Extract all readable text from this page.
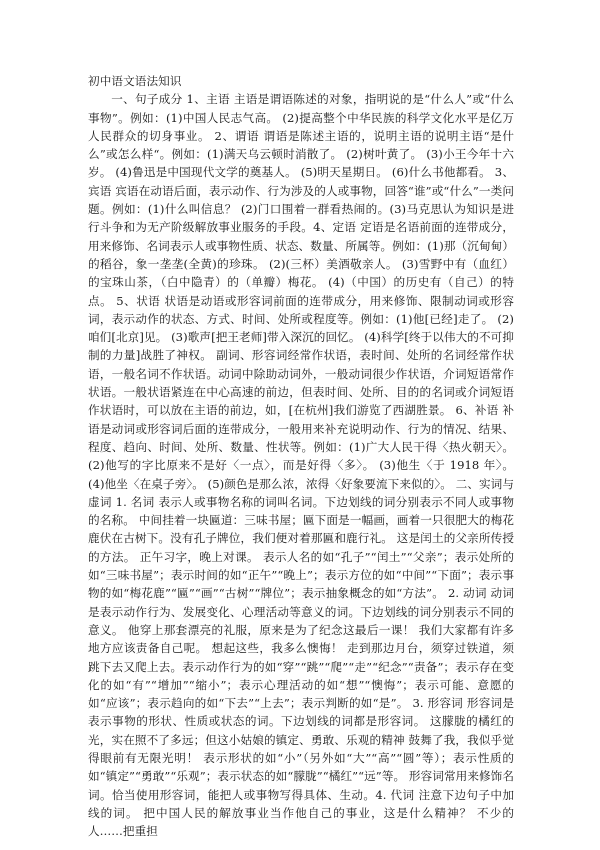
初中语文语法知识

一、句子成分 1、主语 主语是谓语陈述的对象，指明说的是“什么人”或“什么事物”。例如：(1)中国人民志气高。 (2)提高整个中华民族的科学文化水平是亿万人民群众的切身事业。 2、谓语 谓语是陈述主语的，说明主语的说明主语“是什么”或怎么样“。例如：(1)满天乌云顿时消散了。 (2)树叶黄了。 (3)小王今年十六岁。 (4)鲁迅是中国现代文学的奠基人。 (5)明天星期日。 (6)什么书他都看。 3、宾语 宾语在动语后面，表示动作、行为涉及的人或事物，回答“谁”或“什么”一类问题。例如：(1)什么叫信息？ (2)门口围着一群看热闹的。(3)马克思认为知识是进行斗争和为无产阶级解放事业服务的手段。4、定语 定语是名语前面的连带成分，用来修饰、名词表示人或事物性质、状态、数量、所属等。例如：(1)那（沉甸甸）的稻谷，象一垄垄(全黄)的珍珠。 (2)(三杯）美酒敬亲人。 (3)雪野中有（血红）的宝珠山茶，（白中隐青）的（单瓣）梅花。 (4)（中国）的历史有（自己）的特点。 5、状语 状语是动语或形容词前面的连带成分，用来修饰、限制动词或形容词，表示动作的状态、方式、时间、处所或程度等。例如：(1)他[已经]走了。 (2)咱们[北京]见。 (3)歌声[把王老师]带入深沉的回忆。 (4)科学[终于以伟大的不可抑制的力量]战胜了神权。 副词、形容词经常作状语，表时间、处所的名词经常作状语，一般名词不作状语。动词中除助动词外，一般动词很少作状语，介词短语常作状语。一般状语紧连在中心高速的前边，但表时间、处所、目的的名词或介词短语作状语时，可以放在主语的前边，如，[在杭州]我们游览了西湖胜景。 6、补语 补语是动词或形容词后面的连带成分，一般用来补充说明动作、行为的情况、结果、程度、趋向、时间、处所、数量、性状等。例如：(1)广大人民干得〈热火朝天〉。 (2)他写的字比原来不是好〈一点〉，而是好得〈多〉。 (3)他生〈于 1918 年〉。 (4)他坐〈在桌子旁〉。 (5)颜色是那么浓，浓得〈好象要流下来似的〉。 二、实词与虚词 1. 名词 表示人或事物名称的词叫名词。下边划线的词分别表示不同人或事物的名称。 中间挂着一块匾道：三味书屋；匾下面是一幅画，画着一只很肥大的梅花鹿伏在古树下。没有孔子牌位，我们便对着那匾和鹿行礼。 这是闰土的父亲所传授的方法。 正午习字，晚上对课。 表示人名的如“孔子”“闰土”“父亲”；表示处所的如“三味书屋”；表示时间的如“正午”“晚上”；表示方位的如“中间”“下面”；表示事物的如“梅花鹿”“匾”“画”“古树”“牌位”；表示抽象概念的如“方法”。 2. 动词 动词是表示动作行为、发展变化、心理活动等意义的词。下边划线的词分别表示不同的意义。 他穿上那套漂亮的礼服，原来是为了纪念这最后一课！ 我们大家都有许多地方应该责备自己呢。 想起这些，我多么懊悔！ 走到那边月台，须穿过铁道，须跳下去又爬上去。表示动作行为的如“穿”“跳”“爬”“走”“纪念”“责备”；表示存在变化的如“有”“增加”“缩小”；表示心理活动的如“想”“懊悔”；表示可能、意愿的如“应该”；表示趋向的如“下去”“上去”；表示判断的如“是”。 3. 形容词 形容词是表示事物的形状、性质或状态的词。下边划线的词都是形容词。 这朦胧的橘红的光，实在照不了多远；但这小姑娘的镇定、勇敢、乐观的精神 鼓舞了我，我似乎觉得眼前有无限光明！ 表示形状的如“小”（另外如“大”“高”“圆”等）；表示性质的如“镇定”“勇敢”“乐观”；表示状态的如“朦胧”“橘红”“远”等。 形容词常用来修饰名词。恰当使用形容词，能把人或事物写得具体、生动。4. 代词 注意下边句子中加线的词。 把中国人民的解放事业当作他自己的事业，这是什么精神？ 不少的人……把重担
